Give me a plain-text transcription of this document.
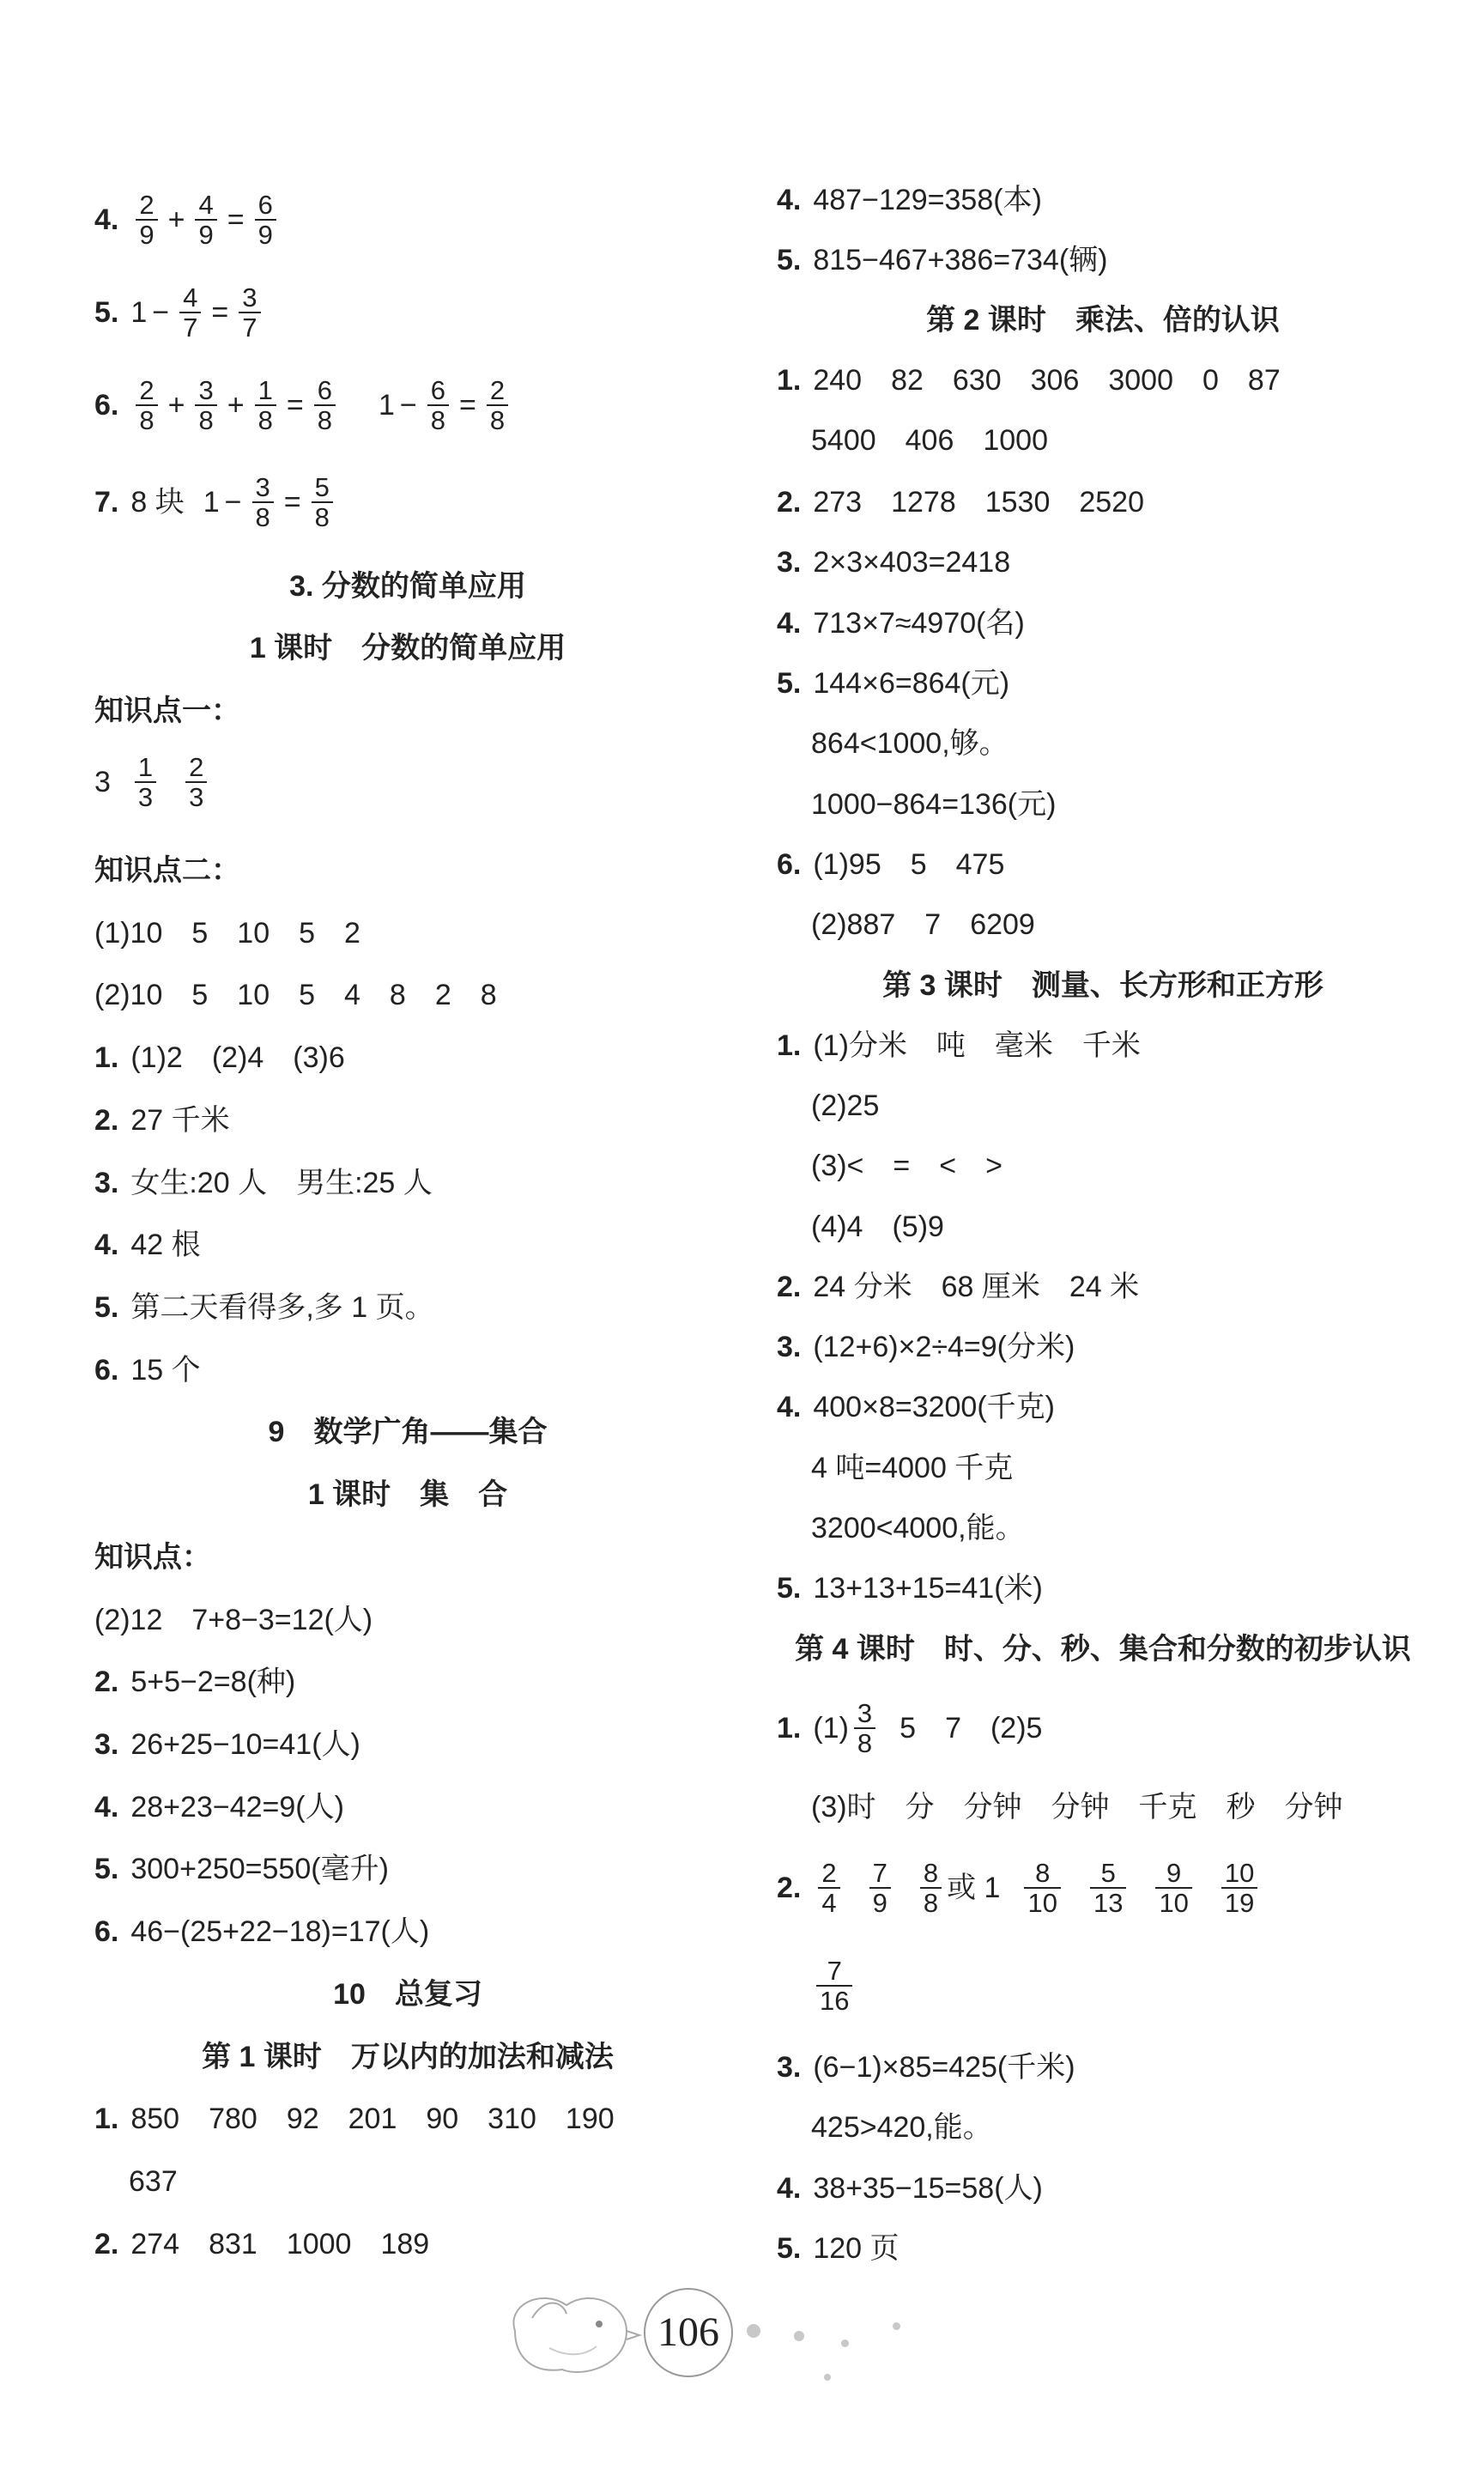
4. $\frac{2}{9} + \frac{4}{9} = \frac{6}{9}$
5. $1 - \frac{4}{7} = \frac{3}{7}$
6. $\frac{2}{8} + \frac{3}{8} + \frac{1}{8} = \frac{6}{8} 1 - \frac{6}{8} = \frac{2}{8}$
7. 8 块 $1 - \frac{3}{8} = \frac{5}{8}$
3. 分数的简单应用
1 课时　分数的简单应用
知识点一：
$3 \frac{1}{3} \frac{2}{3}$
知识点二：
(1)10　5　10　5　2
(2)10　5　10　5　4　8　2　8
1. (1)2　(2)4　(3)6
2. 27 千米
3. 女生:20 人　男生:25 人
4. 42 根
5. 第二天看得多,多 1 页。
6. 15 个
9　数学广角——集合
1 课时　集　合
知识点：
(2)12　7+8−3=12(人)
2. 5+5−2=8(种)
3. 26+25−10=41(人)
4. 28+23−42=9(人)
5. 300+250=550(毫升)
6. 46−(25+22−18)=17(人)
10　总复习
第 1 课时　万以内的加法和减法
1. 850　780　92　201　90　310　190
637
2. 274　831　1000　189
4. 487−129=358(本)
5. 815−467+386=734(辆)
第 2 课时　乘法、倍的认识
1. 240　82　630　306　3000　0　87
5400　406　1000
2. 273　1278　1530　2520
3. 2×3×403=2418
4. 713×7≈4970(名)
5. 144×6=864(元)
864<1000,够。
1000−864=136(元)
6. (1)95　5　475
(2)887　7　6209
第 3 课时　测量、长方形和正方形
1. (1)分米　吨　毫米　千米
(2)25
(3)<　=　<　>
(4)4　(5)9
2. 24 分米　68 厘米　24 米
3. (12+6)×2÷4=9(分米)
4. 400×8=3200(千克)
4 吨=4000 千克
3200<4000,能。
5. 13+13+15=41(米)
第 4 课时　时、分、秒、集合和分数的初步认识
1. $(1) \frac{3}{8} 5$　7　(2)5
(3)时　分　分钟　分钟　千克　秒　分钟
2. $\frac{2}{4} \frac{7}{9} \frac{8}{8}$ 或 $1 \frac{8}{10} \frac{5}{13} \frac{9}{10} \frac{10}{19}$
$\frac{7}{16}$
3. (6−1)×85=425(千米)
425>420,能。
4. 38+35−15=58(人)
5. 120 页
106
